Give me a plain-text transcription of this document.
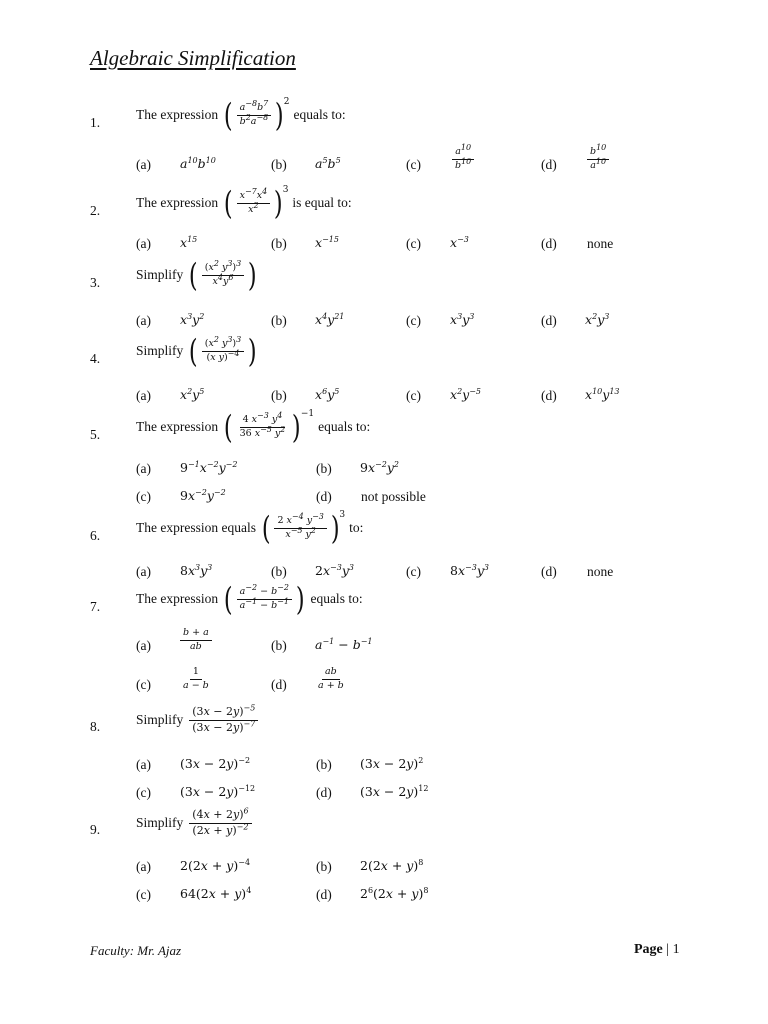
Algebraic Simplification
1.
The expression ( $\frac{a^{-8}b^7}{b^2a^{-8}}$ ) 2
equals to:
(a) $a^{10}b^{10}$	(b) $a^5b^5$	(c)	$\frac{a^{10}}{b^{10}}$	(d)	$\frac{b^{10}}{a^{10}}$
2.
The expression ( $\frac{x^{-7}x^4}{x^2}$ ) 3
is equal to:
(a) $x^{15}$	(b) $x^{-15}$	(c) $x^{-3}$	(d) none
3.
Simplify ( $\frac{(x^2 y^3)^3}{x^4y^6}$ )
(a) $x^3y^2$	(b) $x^4y^{21}$	(c) $x^3y^3$	(d) $x^2y^3$
4.
Simplify ( $\frac{(x^2 y^3)^3}{(x y)^{-4}}$ )
(a) $x^2y^5$	(b) $x^6y^5$	(c) $x^2y^{-5}$	(d) $x^{10}y^{13}$
5.
The expression ( $\frac{4 x^{-3} y^4}{36 x^{-5} y^2}$ ) −1
equals to:
(a) $9^{-1}x^{-2}y^{-2}$	(b) $9x^{-2}y^2$
(c) $9x^{-2}y^{-2}$	(d) not possible
6.
The expression equals ( $\frac{2 x^{-4} y^{-3}}{x^{-5} y^2}$ ) 3
to:
(a) $8x^3y^3$	(b) $2x^{-3}y^3$	(c) $8x^{-3}y^3$	(d) none
7.
The expression ( $\frac{a^{-2} - b^{-2}}{a^{-1} - b^{-1}}$ ) equals to:
(a)	$\frac{b + a}{ab}$	(b) $a^{-1} - b^{-1}$
(c)	$\frac{1}{a - b}$	(d)	$\frac{ab}{a + b}$
8.	Simplify $\frac{(3x - 2y)^{-5}}{(3x - 2y)^{-7}}$
(a) $(3x - 2y)^{-2}$	(b) $(3x - 2y)^2$
(c) $(3x - 2y)^{-12}$	(d) $(3x - 2y)^{12}$
9.	Simplify $\frac{(4x + 2y)^6}{(2x + y)^{-2}}$
(a) $2(2x + y)^{-4}$	(b) $2(2x + y)^8$
(c) $64(2x + y)^4$	(d) $2^6(2x + y)^8$
Faculty: Mr. Ajaz	Page | 1
